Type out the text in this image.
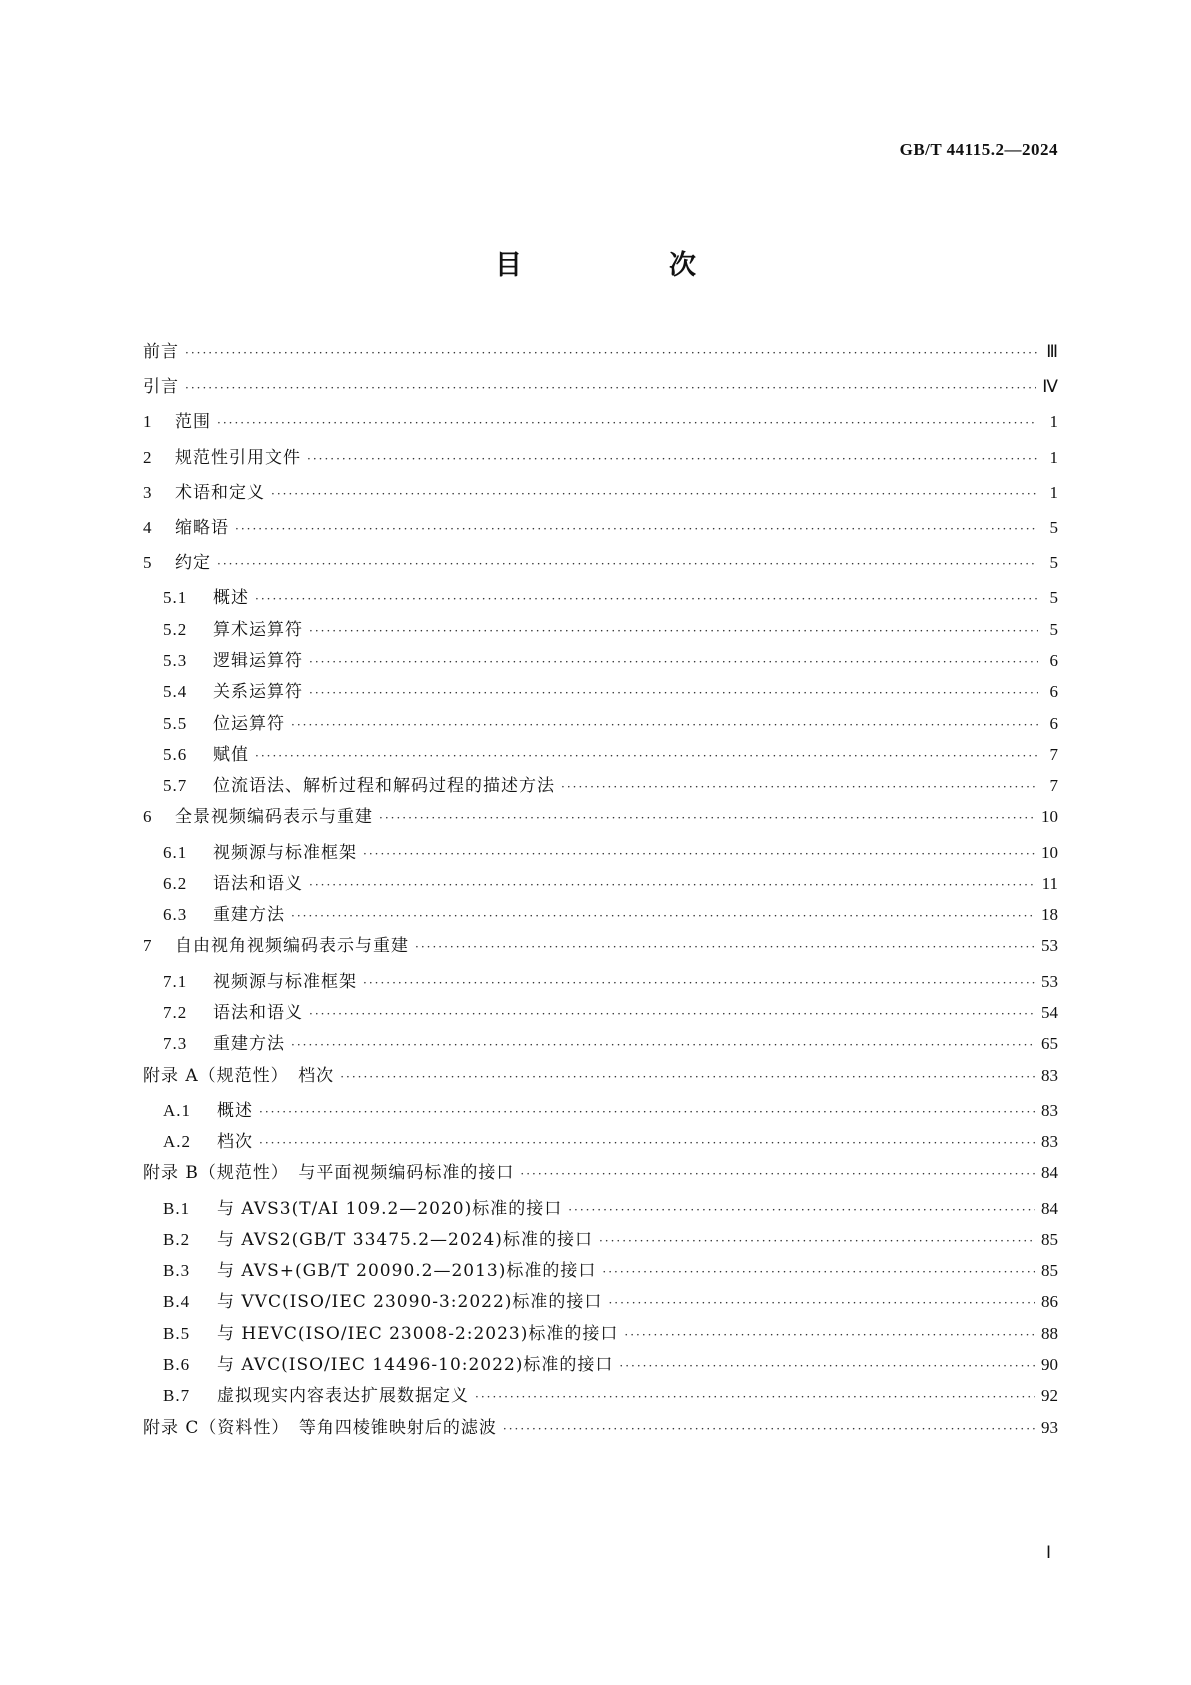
GB/T 44115.2—2024
目　次
前言 ·····	Ⅲ
引言 ·····	Ⅳ
1	范围 ·····	1
2	规范性引用文件 ·····	1
3	术语和定义 ·····	1
4	缩略语 ·····	5
5	约定 ·····	5
5.1	概述 ·····	5
5.2	算术运算符 ·····	5
5.3	逻辑运算符 ·····	6
5.4	关系运算符 ·····	6
5.5	位运算符 ·····	6
5.6	赋值 ·····	7
5.7	位流语法、解析过程和解码过程的描述方法 ·····	7
6	全景视频编码表示与重建 ·····	10
6.1	视频源与标准框架 ·····	10
6.2	语法和语义 ·····	11
6.3	重建方法 ·····	18
7	自由视角视频编码表示与重建 ·····	53
7.1	视频源与标准框架 ·····	53
7.2	语法和语义 ·····	54
7.3	重建方法 ·····	65
附录 A（规范性）　档次 ·····	83
A.1	概述 ·····	83
A.2	档次 ·····	83
附录 B（规范性）　与平面视频编码标准的接口 ·····	84
B.1	与 AVS3(T/AI 109.2—2020)标准的接口 ·····	84
B.2	与 AVS2(GB/T 33475.2—2024)标准的接口 ·····	85
B.3	与 AVS+(GB/T 20090.2—2013)标准的接口 ·····	85
B.4	与 VVC(ISO/IEC 23090-3:2022)标准的接口 ·····	86
B.5	与 HEVC(ISO/IEC 23008-2:2023)标准的接口 ·····	88
B.6	与 AVC(ISO/IEC 14496-10:2022)标准的接口 ·····	90
B.7	虚拟现实内容表达扩展数据定义 ·····	92
附录 C（资料性）　等角四棱锥映射后的滤波 ·····	93
Ⅰ
